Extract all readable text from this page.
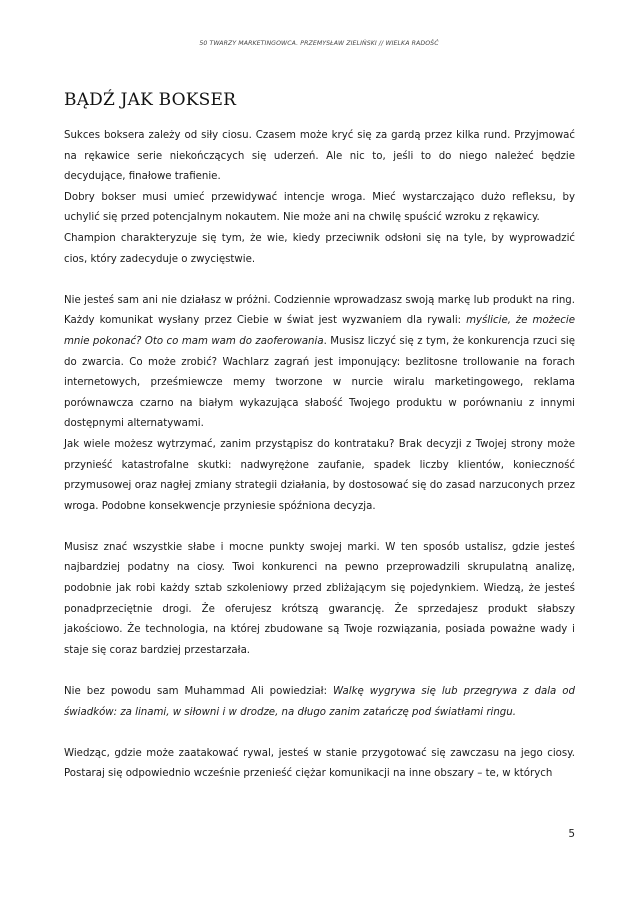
50 TWARZY MARKETINGOWCA. PRZEMYSŁAW ZIELIŃSKI // WIELKA RADOŚĆ
BĄDŹ JAK BOKSER

Sukces boksera zależy od siły ciosu. Czasem może kryć się za gardą przez kilka rund. Przyjmować na rękawice serie niekończących się uderzeń. Ale nic to, jeśli to do niego należeć będzie decydujące, finałowe trafienie.

Dobry bokser musi umieć przewidywać intencje wroga. Mieć wystarczająco dużo refleksu, by uchylić się przed potencjalnym nokautem. Nie może ani na chwilę spuścić wzroku z rękawicy.

Champion charakteryzuje się tym, że wie, kiedy przeciwnik odsłoni się na tyle, by wyprowadzić cios, który zadecyduje o zwycięstwie.

Nie jesteś sam ani nie działasz w próżni. Codziennie wprowadzasz swoją markę lub produkt na ring. Każdy komunikat wysłany przez Ciebie w świat jest wyzwaniem dla rywali: myślicie, że możecie mnie pokonać? Oto co mam wam do zaoferowania. Musisz liczyć się z tym, że konkurencja rzuci się do zwarcia. Co może zrobić? Wachlarz zagrań jest imponujący: bezlitosne trollowanie na forach internetowych, prześmiewcze memy tworzone w nurcie wiralu marketingowego, reklama porównawcza czarno na białym wykazująca słabość Twojego produktu w porównaniu z innymi dostępnymi alternatywami.

Jak wiele możesz wytrzymać, zanim przystąpisz do kontrataku? Brak decyzji z Twojej strony może przynieść katastrofalne skutki: nadwyrężone zaufanie, spadek liczby klientów, konieczność przymusowej oraz nagłej zmiany strategii działania, by dostosować się do zasad narzuconych przez wroga. Podobne konsekwencje przyniesie spóźniona decyzja.

Musisz znać wszystkie słabe i mocne punkty swojej marki. W ten sposób ustalisz, gdzie jesteś najbardziej podatny na ciosy. Twoi konkurenci na pewno przeprowadzili skrupulatną analizę, podobnie jak robi każdy sztab szkoleniowy przed zbliżającym się pojedynkiem. Wiedzą, że jesteś ponadprzeciętnie drogi. Że oferujesz krótszą gwarancję. Że sprzedajesz produkt słabszy jakościowo. Że technologia, na której zbudowane są Twoje rozwiązania, posiada poważne wady i staje się coraz bardziej przestarzała.

Nie bez powodu sam Muhammad Ali powiedział: Walkę wygrywa się lub przegrywa z dala od świadków: za linami, w siłowni i w drodze, na długo zanim zatańczę pod światłami ringu.

Wiedząc, gdzie może zaatakować rywal, jesteś w stanie przygotować się zawczasu na jego ciosy. Postaraj się odpowiednio wcześnie przenieść ciężar komunikacji na inne obszary – te, w których

5
